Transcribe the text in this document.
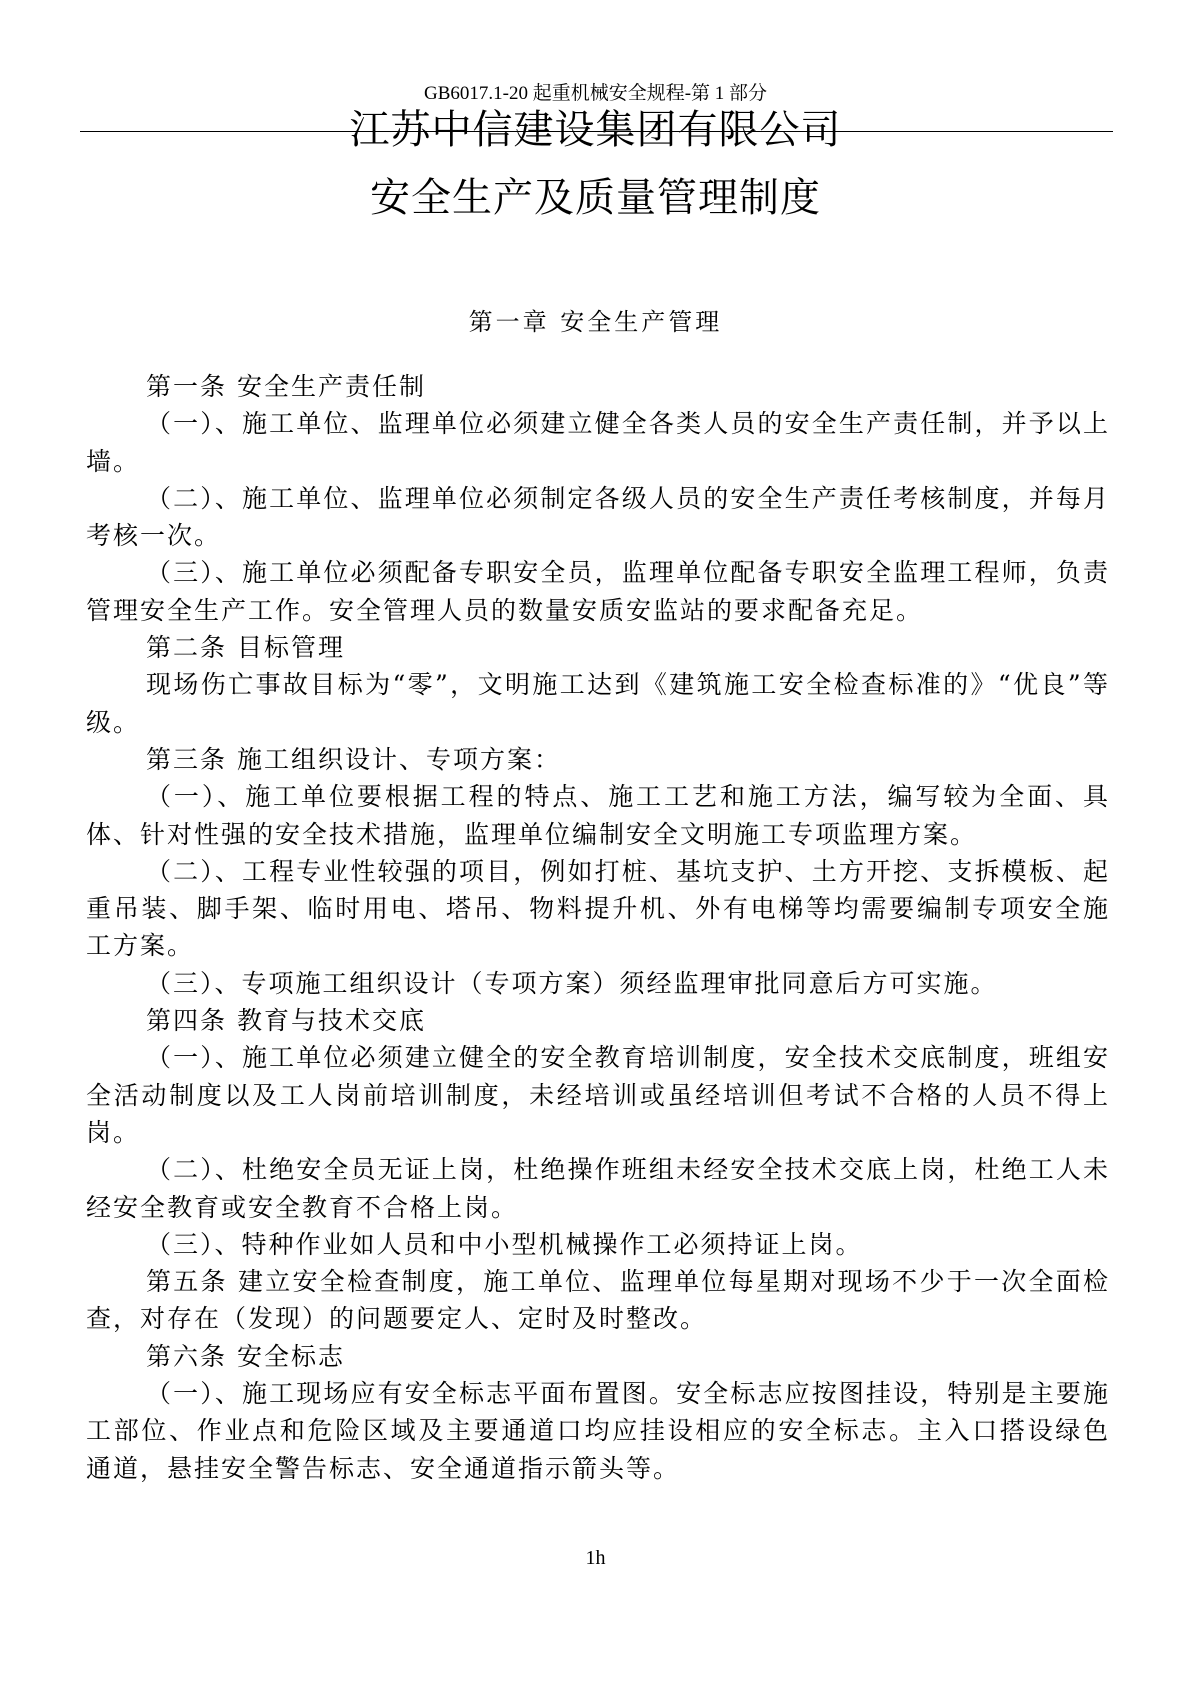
GB6017.1-20 起重机械安全规程-第 1 部分
江苏中信建设集团有限公司
安全生产及质量管理制度
第一章 安全生产管理

第一条 安全生产责任制

（一）、施工单位、监理单位必须建立健全各类人员的安全生产责任制，并予以上墙。

（二）、施工单位、监理单位必须制定各级人员的安全生产责任考核制度，并每月考核一次。

（三）、施工单位必须配备专职安全员，监理单位配备专职安全监理工程师，负责管理安全生产工作。安全管理人员的数量安质安监站的要求配备充足。

第二条 目标管理

现场伤亡事故目标为“零”，文明施工达到《建筑施工安全检查标准的》“优良”等级。

第三条 施工组织设计、专项方案：

（一）、施工单位要根据工程的特点、施工工艺和施工方法，编写较为全面、具体、针对性强的安全技术措施，监理单位编制安全文明施工专项监理方案。

（二）、工程专业性较强的项目，例如打桩、基坑支护、土方开挖、支拆模板、起重吊装、脚手架、临时用电、塔吊、物料提升机、外有电梯等均需要编制专项安全施工方案。

（三）、专项施工组织设计（专项方案）须经监理审批同意后方可实施。

第四条 教育与技术交底

（一）、施工单位必须建立健全的安全教育培训制度，安全技术交底制度，班组安全活动制度以及工人岗前培训制度，未经培训或虽经培训但考试不合格的人员不得上岗。

（二）、杜绝安全员无证上岗，杜绝操作班组未经安全技术交底上岗，杜绝工人未经安全教育或安全教育不合格上岗。

（三）、特种作业如人员和中小型机械操作工必须持证上岗。

第五条 建立安全检查制度，施工单位、监理单位每星期对现场不少于一次全面检查，对存在（发现）的问题要定人、定时及时整改。

第六条 安全标志

（一）、施工现场应有安全标志平面布置图。安全标志应按图挂设，特别是主要施工部位、作业点和危险区域及主要通道口均应挂设相应的安全标志。主入口搭设绿色通道，悬挂安全警告标志、安全通道指示箭头等。

1h
